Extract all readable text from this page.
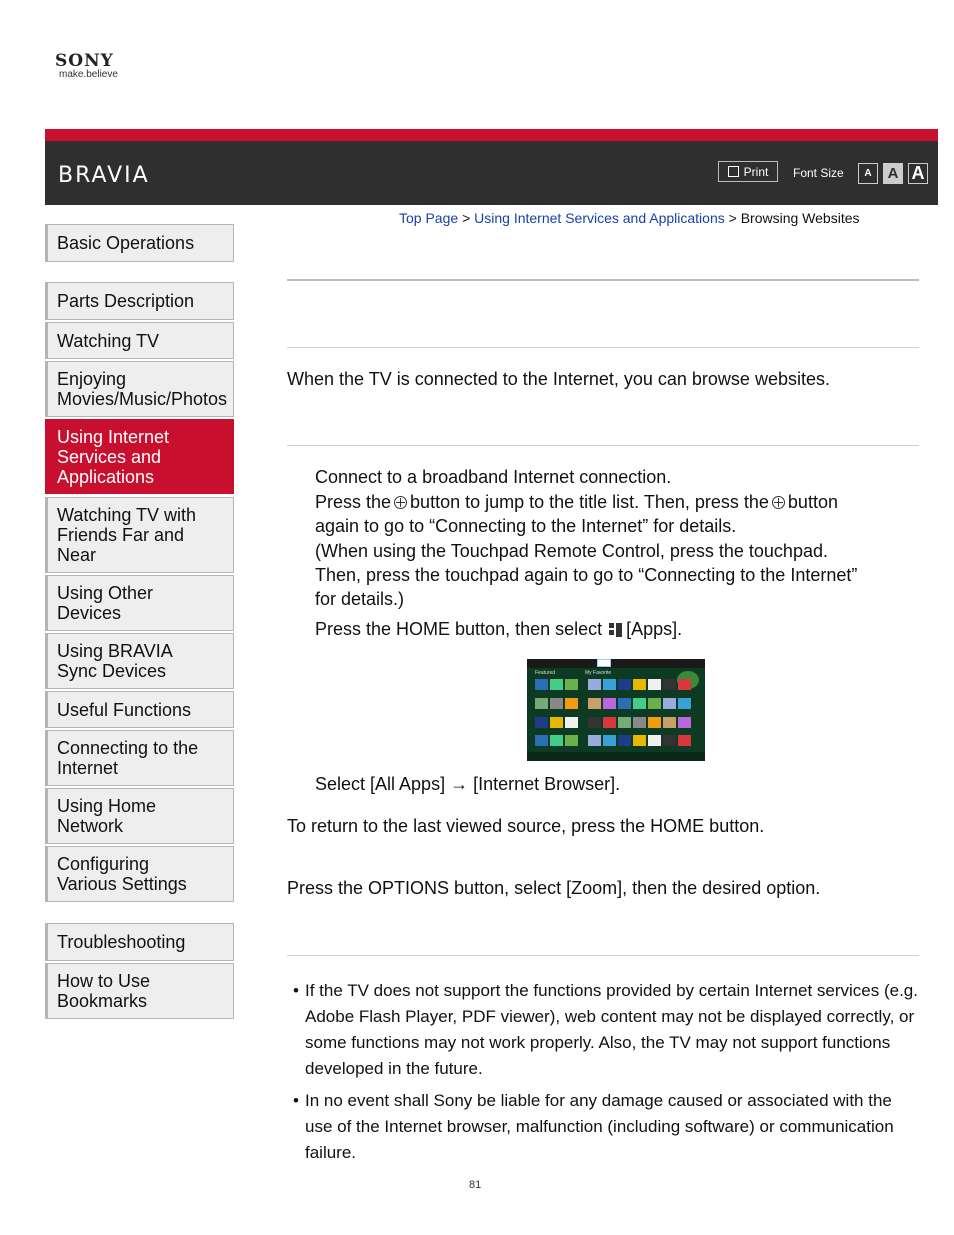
SONY
make.believe
BRAVIA	Print Font Size	A	A A
Top Page > Using Internet Services and Applications > Browsing Websites
Basic Operations
Parts Description
Watching TV
Enjoying
Movies/Music/Photos
Using Internet
Services and
Applications
Watching TV with
Friends Far and
Near
Using Other
Devices
Using BRAVIA
Sync Devices
Useful Functions
Connecting to the
Internet
Using Home
Network
Configuring
Various Settings
Troubleshooting
How to Use
Bookmarks
When the TV is connected to the Internet, you can browse websites.
Connect to a broadband Internet connection.
Press the button to jump to the title list. Then, press the button
again to go to “Connecting to the Internet” for details.
(When using the Touchpad Remote Control, press the touchpad.
Then, press the touchpad again to go to “Connecting to the Internet”
for details.)
Press the HOME button, then select [Apps].
Featured	My Favorite
Select [All Apps] → [Internet Browser].
To return to the last viewed source, press the HOME button.
Press the OPTIONS button, select [Zoom], then the desired option.
• If the TV does not support the functions provided by certain Internet services (e.g. Adobe Flash Player, PDF viewer), web content may not be displayed correctly, or some functions may not work properly. Also, the TV may not support functions developed in the future.
• In no event shall Sony be liable for any damage caused or associated with the use of the Internet browser, malfunction (including software) or communication failure.
81
